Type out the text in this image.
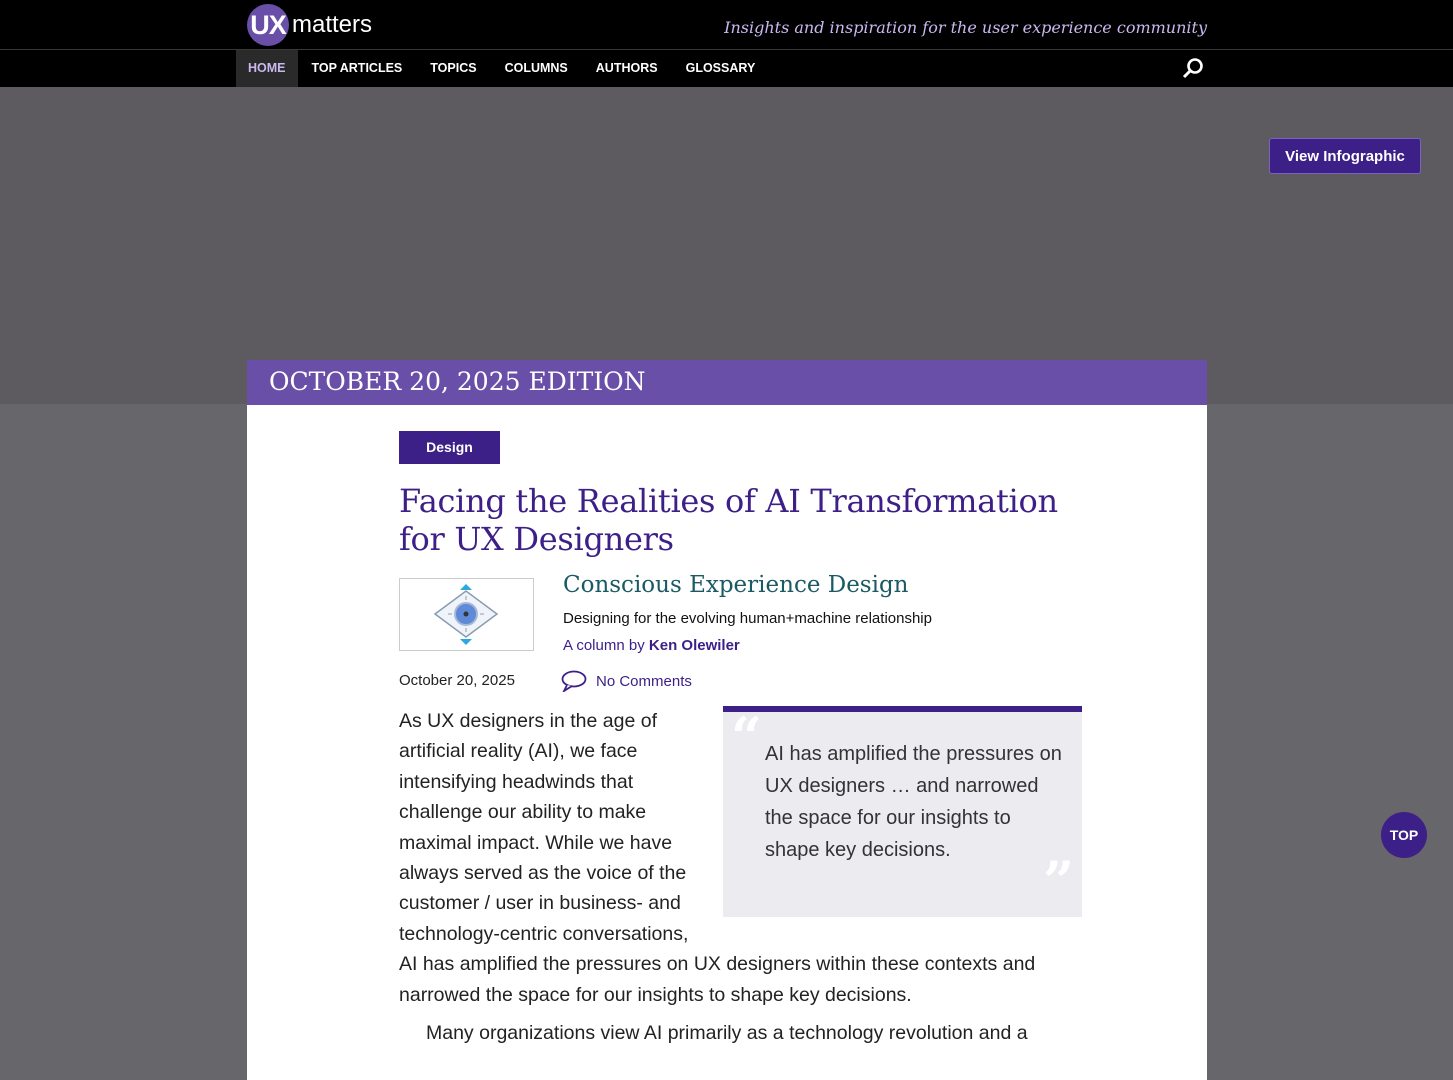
UX matters	Insights and inspiration for the user experience community
HOME	TOP ARTICLES	TOPICS	COLUMNS	AUTHORS	GLOSSARY
View Infographic
OCTOBER 20, 2025 EDITION
Design
Facing the Realities of AI Transformation for UX Designers
Conscious Experience Design
Designing for the evolving human+machine relationship
A column by Ken Olewiler
October 20, 2025	No Comments
“ AI has amplified the pressures on UX designers … and narrowed the space for our insights to shape key decisions. ”

As UX designers in the age of artificial reality (AI), we face intensifying headwinds that challenge our ability to make maximal impact. While we have always served as the voice of the customer / user in business- and technology-centric conversations, AI has amplified the pressures on UX designers within these contexts and narrowed the space for our insights to shape key decisions.

Many organizations view AI primarily as a technology revolution and a

TOP
